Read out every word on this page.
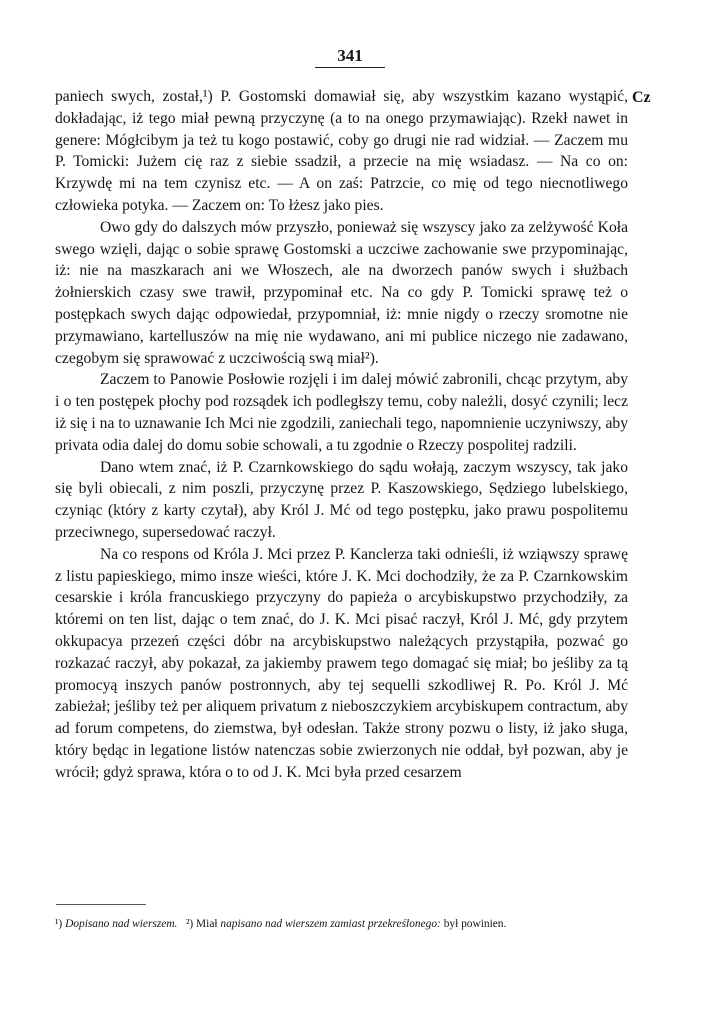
341
Cz

paniech swych, został,¹) P. Gostomski domawiał się, aby wszystkim kazano wystąpić, dokładając, iż tego miał pewną przyczynę (a to na onego przymawiając). Rzekł nawet in genere: Mógłcibym ja też tu kogo postawić, coby go drugi nie rad widział. — Zaczem mu P. Tomicki: Jużem cię raz z siebie ssadził, a przecie na mię wsiadasz. — Na co on: Krzywdę mi na tem czynisz etc. — A on zaś: Patrzcie, co mię od tego niecnotliwego człowieka potyka. — Zaczem on: To łżesz jako pies.

Owo gdy do dalszych mów przyszło, ponieważ się wszyscy jako za zelżywość Koła swego wzięli, dając o sobie sprawę Gostomski a uczciwe zachowanie swe przypominając, iż: nie na maszkarach ani we Włoszech, ale na dworzech panów swych i służbach żołnierskich czasy swe trawił, przypominał etc. Na co gdy P. Tomicki sprawę też o postępkach swych dając odpowiedał, przypomniał, iż: mnie nigdy o rzeczy sromotne nie przymawiano, kartelluszów na mię nie wydawano, ani mi publice niczego nie zadawano, czegobym się sprawować z uczciwością swą miał²).

Zaczem to Panowie Posłowie rozjęli i im dalej mówić zabronili, chcąc przytym, aby i o ten postępek płochy pod rozsądek ich podległszy temu, coby należli, dosyć czynili; lecz iż się i na to uznawanie Ich Mci nie zgodzili, zaniechali tego, napomnienie uczyniwszy, aby privata odia dalej do domu sobie schowali, a tu zgodnie o Rzeczy pospolitej radzili.

Dano wtem znać, iż P. Czarnkowskiego do sądu wołają, zaczym wszyscy, tak jako się byli obiecali, z nim poszli, przyczynę przez P. Kaszowskiego, Sędziego lubelskiego, czyniąc (który z karty czytał), aby Król J. Mć od tego postępku, jako prawu pospolitemu przeciwnego, supersedować raczył.

Na co respons od Króla J. Mci przez P. Kanclerza taki odnieśli, iż wziąwszy sprawę z listu papieskiego, mimo insze wieści, które J. K. Mci dochodziły, że za P. Czarnkowskim cesarskie i króla francuskiego przyczyny do papieża o arcybiskupstwo przychodziły, za któremi on ten list, dając o tem znać, do J. K. Mci pisać raczył, Król J. Mć, gdy przytem okkupacya przezeń części dóbr na arcybiskupstwo należących przystąpiła, pozwać go rozkazać raczył, aby pokazał, za jakiemby prawem tego domagać się miał; bo jeśliby za tą promocyą inszych panów postronnych, aby tej sequelli szkodliwej R. Po. Król J. Mć zabieżał; jeśliby też per aliquem privatum z nieboszczykiem arcybiskupem contractum, aby ad forum competens, do ziemstwa, był odesłan. Także strony pozwu o listy, iż jako sługa, który będąc in legatione listów natenczas sobie zwierzonych nie oddał, był pozwan, aby je wrócił; gdyż sprawa, która o to od J. K. Mci była przed cesarzem

¹) Dopisano nad wierszem. ²) Miał napisano nad wierszem zamiast przekreślonego: był powinien.
